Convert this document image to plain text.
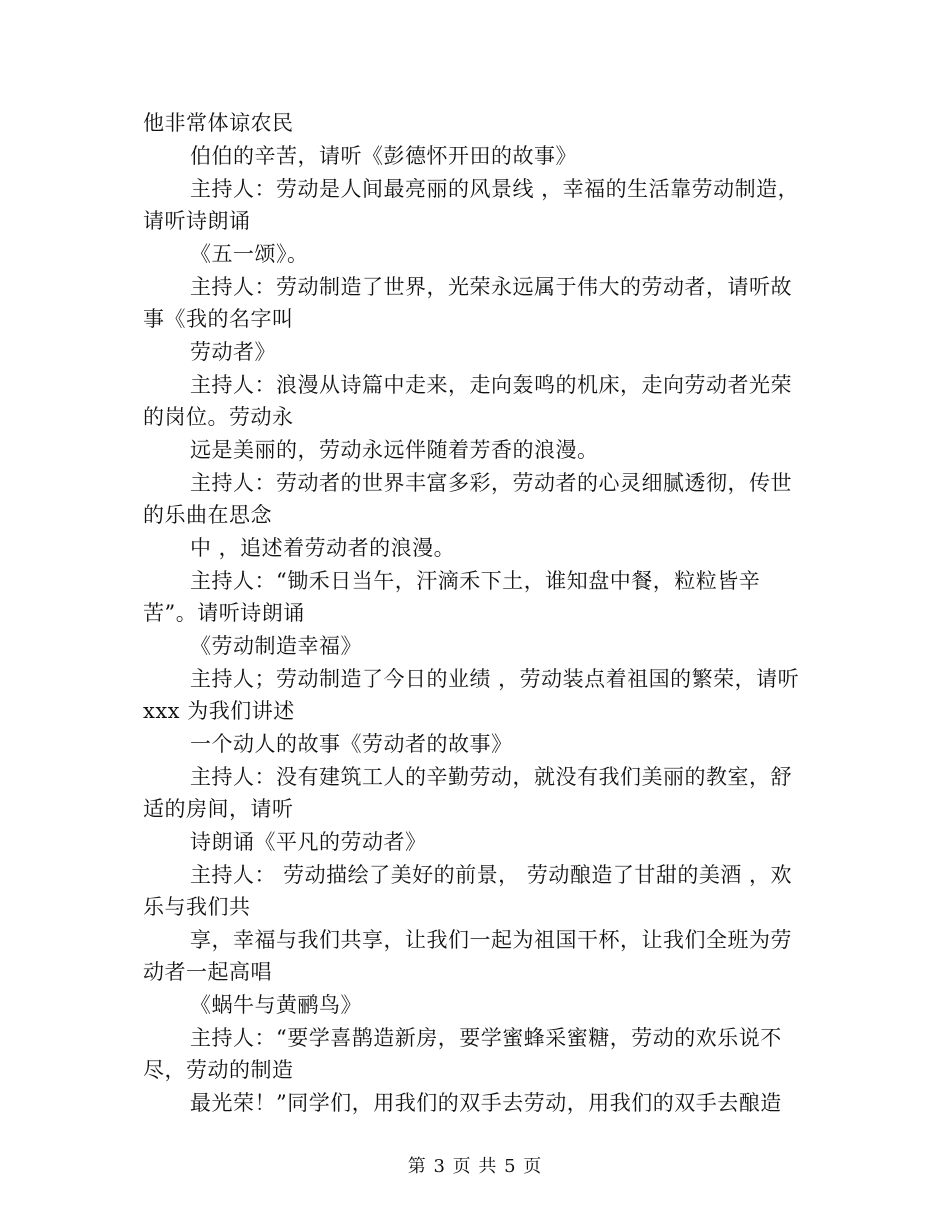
他非常体谅农民
伯伯的辛苦，请听《彭德怀开田的故事》
主持人：劳动是人间最亮丽的风景线 ，幸福的生活靠劳动制造，
请听诗朗诵
《五一颂》。
主持人：劳动制造了世界，光荣永远属于伟大的劳动者，请听故
事《我的名字叫
劳动者》
主持人：浪漫从诗篇中走来，走向轰鸣的机床，走向劳动者光荣
的岗位。劳动永
远是美丽的，劳动永远伴随着芳香的浪漫。
主持人：劳动者的世界丰富多彩，劳动者的心灵细腻透彻，传世
的乐曲在思念
中 ，追述着劳动者的浪漫。
主持人：“锄禾日当午，汗滴禾下土，谁知盘中餐，粒粒皆辛
苦”。请听诗朗诵
《劳动制造幸福》
主持人；劳动制造了今日的业绩 ，劳动装点着祖国的繁荣，请听
xxx 为我们讲述
一个动人的故事《劳动者的故事》
主持人：没有建筑工人的辛勤劳动，就没有我们美丽的教室，舒
适的房间，请听
诗朗诵《平凡的劳动者》
主持人： 劳动描绘了美好的前景， 劳动酿造了甘甜的美酒 ，欢
乐与我们共
享，幸福与我们共享，让我们一起为祖国干杯，让我们全班为劳
动者一起高唱
《蜗牛与黄鹂鸟》
主持人：“要学喜鹊造新房，要学蜜蜂采蜜糖，劳动的欢乐说不
尽，劳动的制造
最光荣！”同学们，用我们的双手去劳动，用我们的双手去酿造
第 3 页 共 5 页
